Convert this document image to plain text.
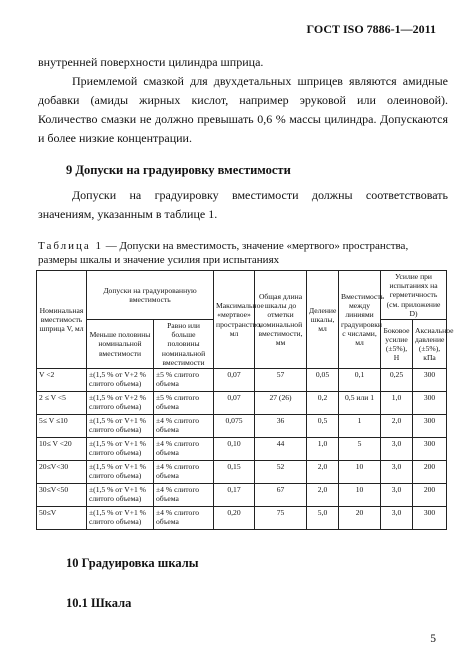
ГОСТ ISO 7886-1—2011
внутренней поверхности цилиндра шприца.
Приемлемой смазкой для двухдетальных шприцев являются амидные добавки (амиды жирных кислот, например эруковой или олеиновой). Количество смазки не должно превышать 0,6 % массы цилиндра. Допускаются и более низкие концентрации.
9 Допуски на градуировку вместимости
Допуски на градуировку вместимости должны соответствовать значениям, указанным в таблице 1.
Таблица 1 — Допуски на вместимость, значение «мертвого» пространства, размеры шкалы и значение усилия при испытаниях
Номинальная вместимость шприца V, мл	Допуски на градуированную вместимость		Максимальное «мертвое» пространство, мл	Общая длина шкалы до отметки номинальной вместимости, мм	Деление шкалы, мл	Вместимость между линиями градуировки с числами, мл	Усилие при испытаниях на герметичность (см. приложение D)	
	Меньше половины номинальной вместимости	Равно или больше половины номинальной вместимости					Боковое усилие (±5%), Н	Аксиальное давление (±5%), кПа
V <2	±(1,5 % от V+2 % слитого объема)	±5 % слитого объема	0,07	57	0,05	0,1	0,25	300
2 ≤ V <5	±(1,5 % от V+2 % слитого объема)	±5 % слитого объема	0,07	27 (26)	0,2	0,5 или 1	1,0	300
5≤ V ≤10	±(1,5 % от V+1 % слитого объема)	±4 % слитого объема	0,075	36	0,5	1	2,0	300
10≤ V <20	±(1,5 % от V+1 % слитого объема)	±4 % слитого объема	0,10	44	1,0	5	3,0	300
20≤V<30	±(1,5 % от V+1 % слитого объема)	±4 % слитого объема	0,15	52	2,0	10	3,0	200
30≤V<50	±(1,5 % от V+1 % слитого объема)	±4 % слитого объема	0,17	67	2,0	10	3,0	200
50≤V	±(1,5 % от V+1 % слитого объема)	±4 % слитого объема	0,20	75	5,0	20	3,0	300
10 Градуировка шкалы
10.1 Шкала
5
